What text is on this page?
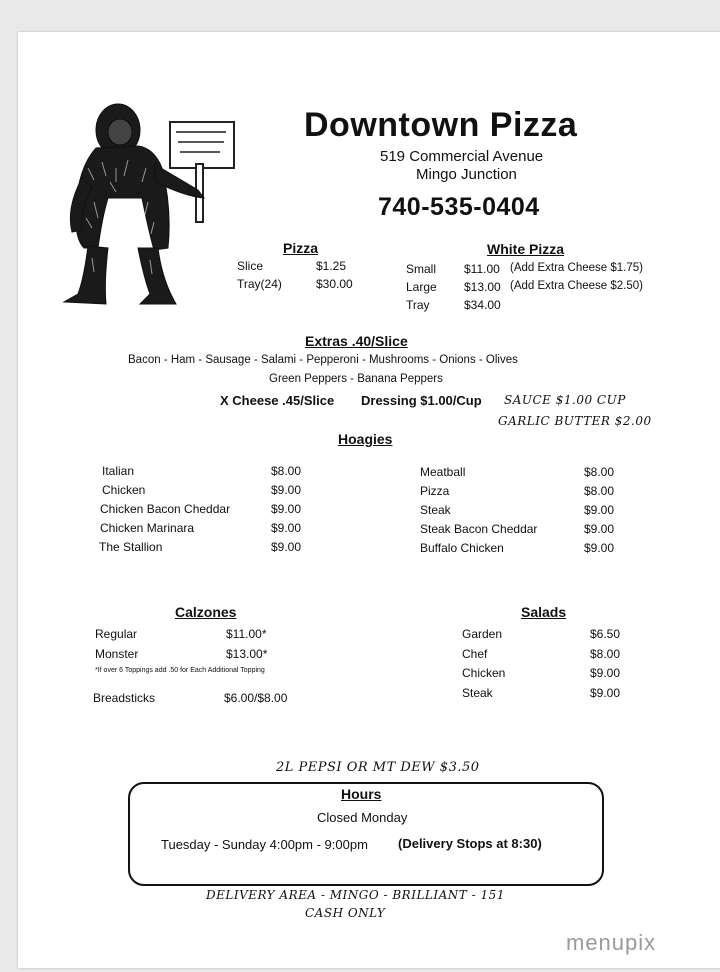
Downtown Pizza
519 Commercial Avenue
Mingo Junction
740-535-0404
Pizza
Slice	$1.25
Tray(24)	$30.00
White Pizza
Small $11.00 (Add Extra Cheese $1.75)
Large $13.00 (Add Extra Cheese $2.50)
Tray	$34.00
Extras .40/Slice
Bacon - Ham - Sausage - Salami - Pepperoni - Mushrooms - Onions - Olives
Green Peppers - Banana Peppers
X Cheese .45/Slice Dressing $1.00/Cup SAUCE $1.00 CUP
GARLIC BUTTER $2.00
Hoagies
Italian	$8.00
Chicken	$9.00
Chicken Bacon Cheddar	$9.00
Chicken Marinara	$9.00
The Stallion	$9.00
Meatball	$8.00
Pizza	$8.00
Steak	$9.00
Steak Bacon Cheddar	$9.00
Buffalo Chicken	$9.00
Calzones
Regular	$11.00*
Monster	$13.00*
*If over 6 Toppings add .50 for Each Additional Topping
Breadsticks	$6.00/$8.00
Salads
Garden	$6.50
Chef	$8.00
Chicken	$9.00
Steak	$9.00
2L PEPSI OR MT DEW $3.50
Hours
Closed Monday
Tuesday - Sunday 4:00pm - 9:00pm (Delivery Stops at 8:30)
DELIVERY AREA - MINGO - BRILLIANT - 151
CASH ONLY
menupix
